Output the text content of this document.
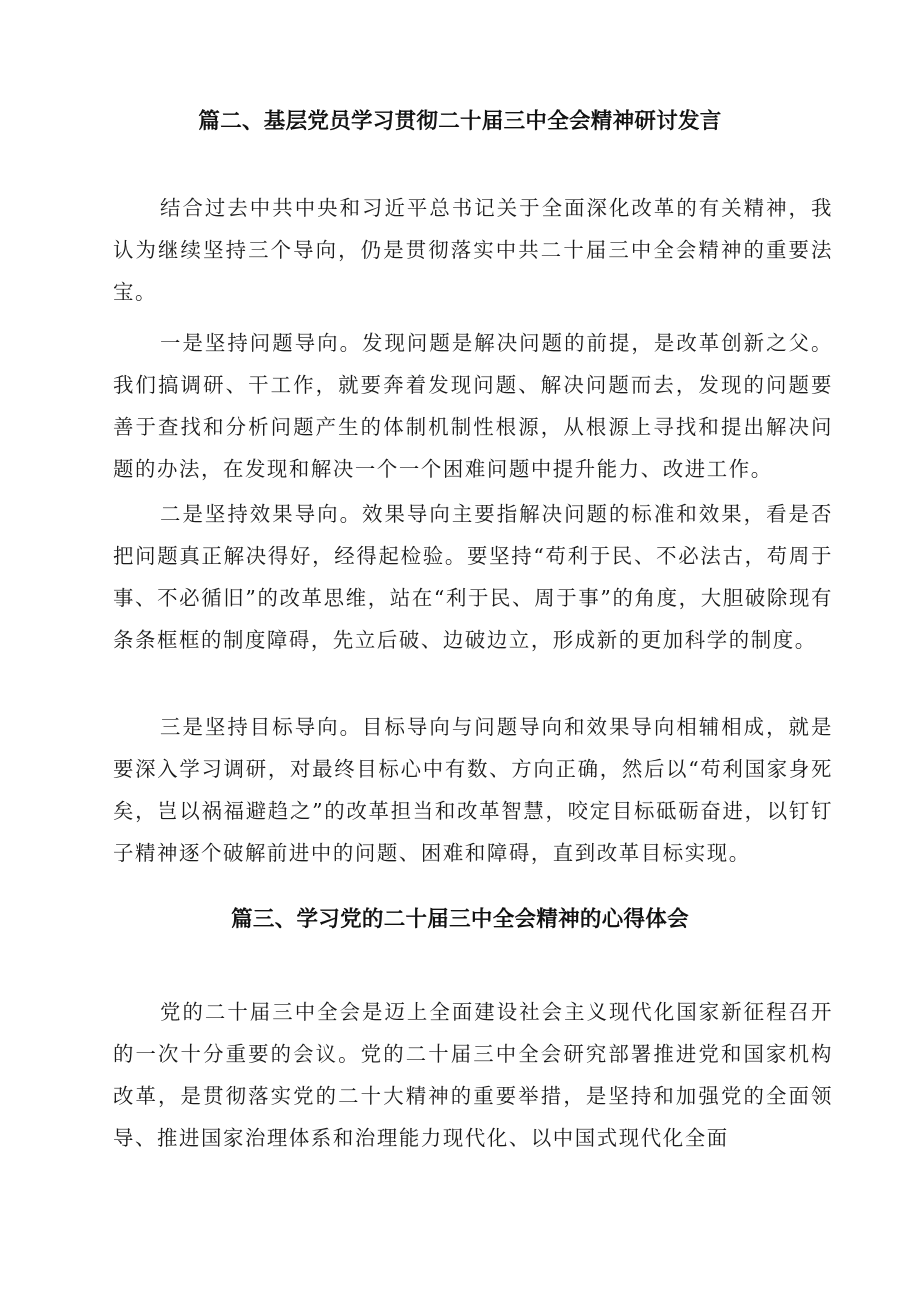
篇二、基层党员学习贯彻二十届三中全会精神研讨发言

结合过去中共中央和习近平总书记关于全面深化改革的有关精神，我认为继续坚持三个导向，仍是贯彻落实中共二十届三中全会精神的重要法宝。

一是坚持问题导向。发现问题是解决问题的前提，是改革创新之父。我们搞调研、干工作，就要奔着发现问题、解决问题而去，发现的问题要善于查找和分析问题产生的体制机制性根源，从根源上寻找和提出解决问题的办法，在发现和解决一个一个困难问题中提升能力、改进工作。

二是坚持效果导向。效果导向主要指解决问题的标准和效果，看是否把问题真正解决得好，经得起检验。要坚持“苟利于民、不必法古，苟周于事、不必循旧”的改革思维，站在“利于民、周于事”的角度，大胆破除现有条条框框的制度障碍，先立后破、边破边立，形成新的更加科学的制度。

三是坚持目标导向。目标导向与问题导向和效果导向相辅相成，就是要深入学习调研，对最终目标心中有数、方向正确，然后以“苟利国家身死矣，岂以祸福避趋之”的改革担当和改革智慧，咬定目标砥砺奋进，以钉钉子精神逐个破解前进中的问题、困难和障碍，直到改革目标实现。

篇三、学习党的二十届三中全会精神的心得体会

党的二十届三中全会是迈上全面建设社会主义现代化国家新征程召开的一次十分重要的会议。党的二十届三中全会研究部署推进党和国家机构改革，是贯彻落实党的二十大精神的重要举措，是坚持和加强党的全面领导、推进国家治理体系和治理能力现代化、以中国式现代化全面
